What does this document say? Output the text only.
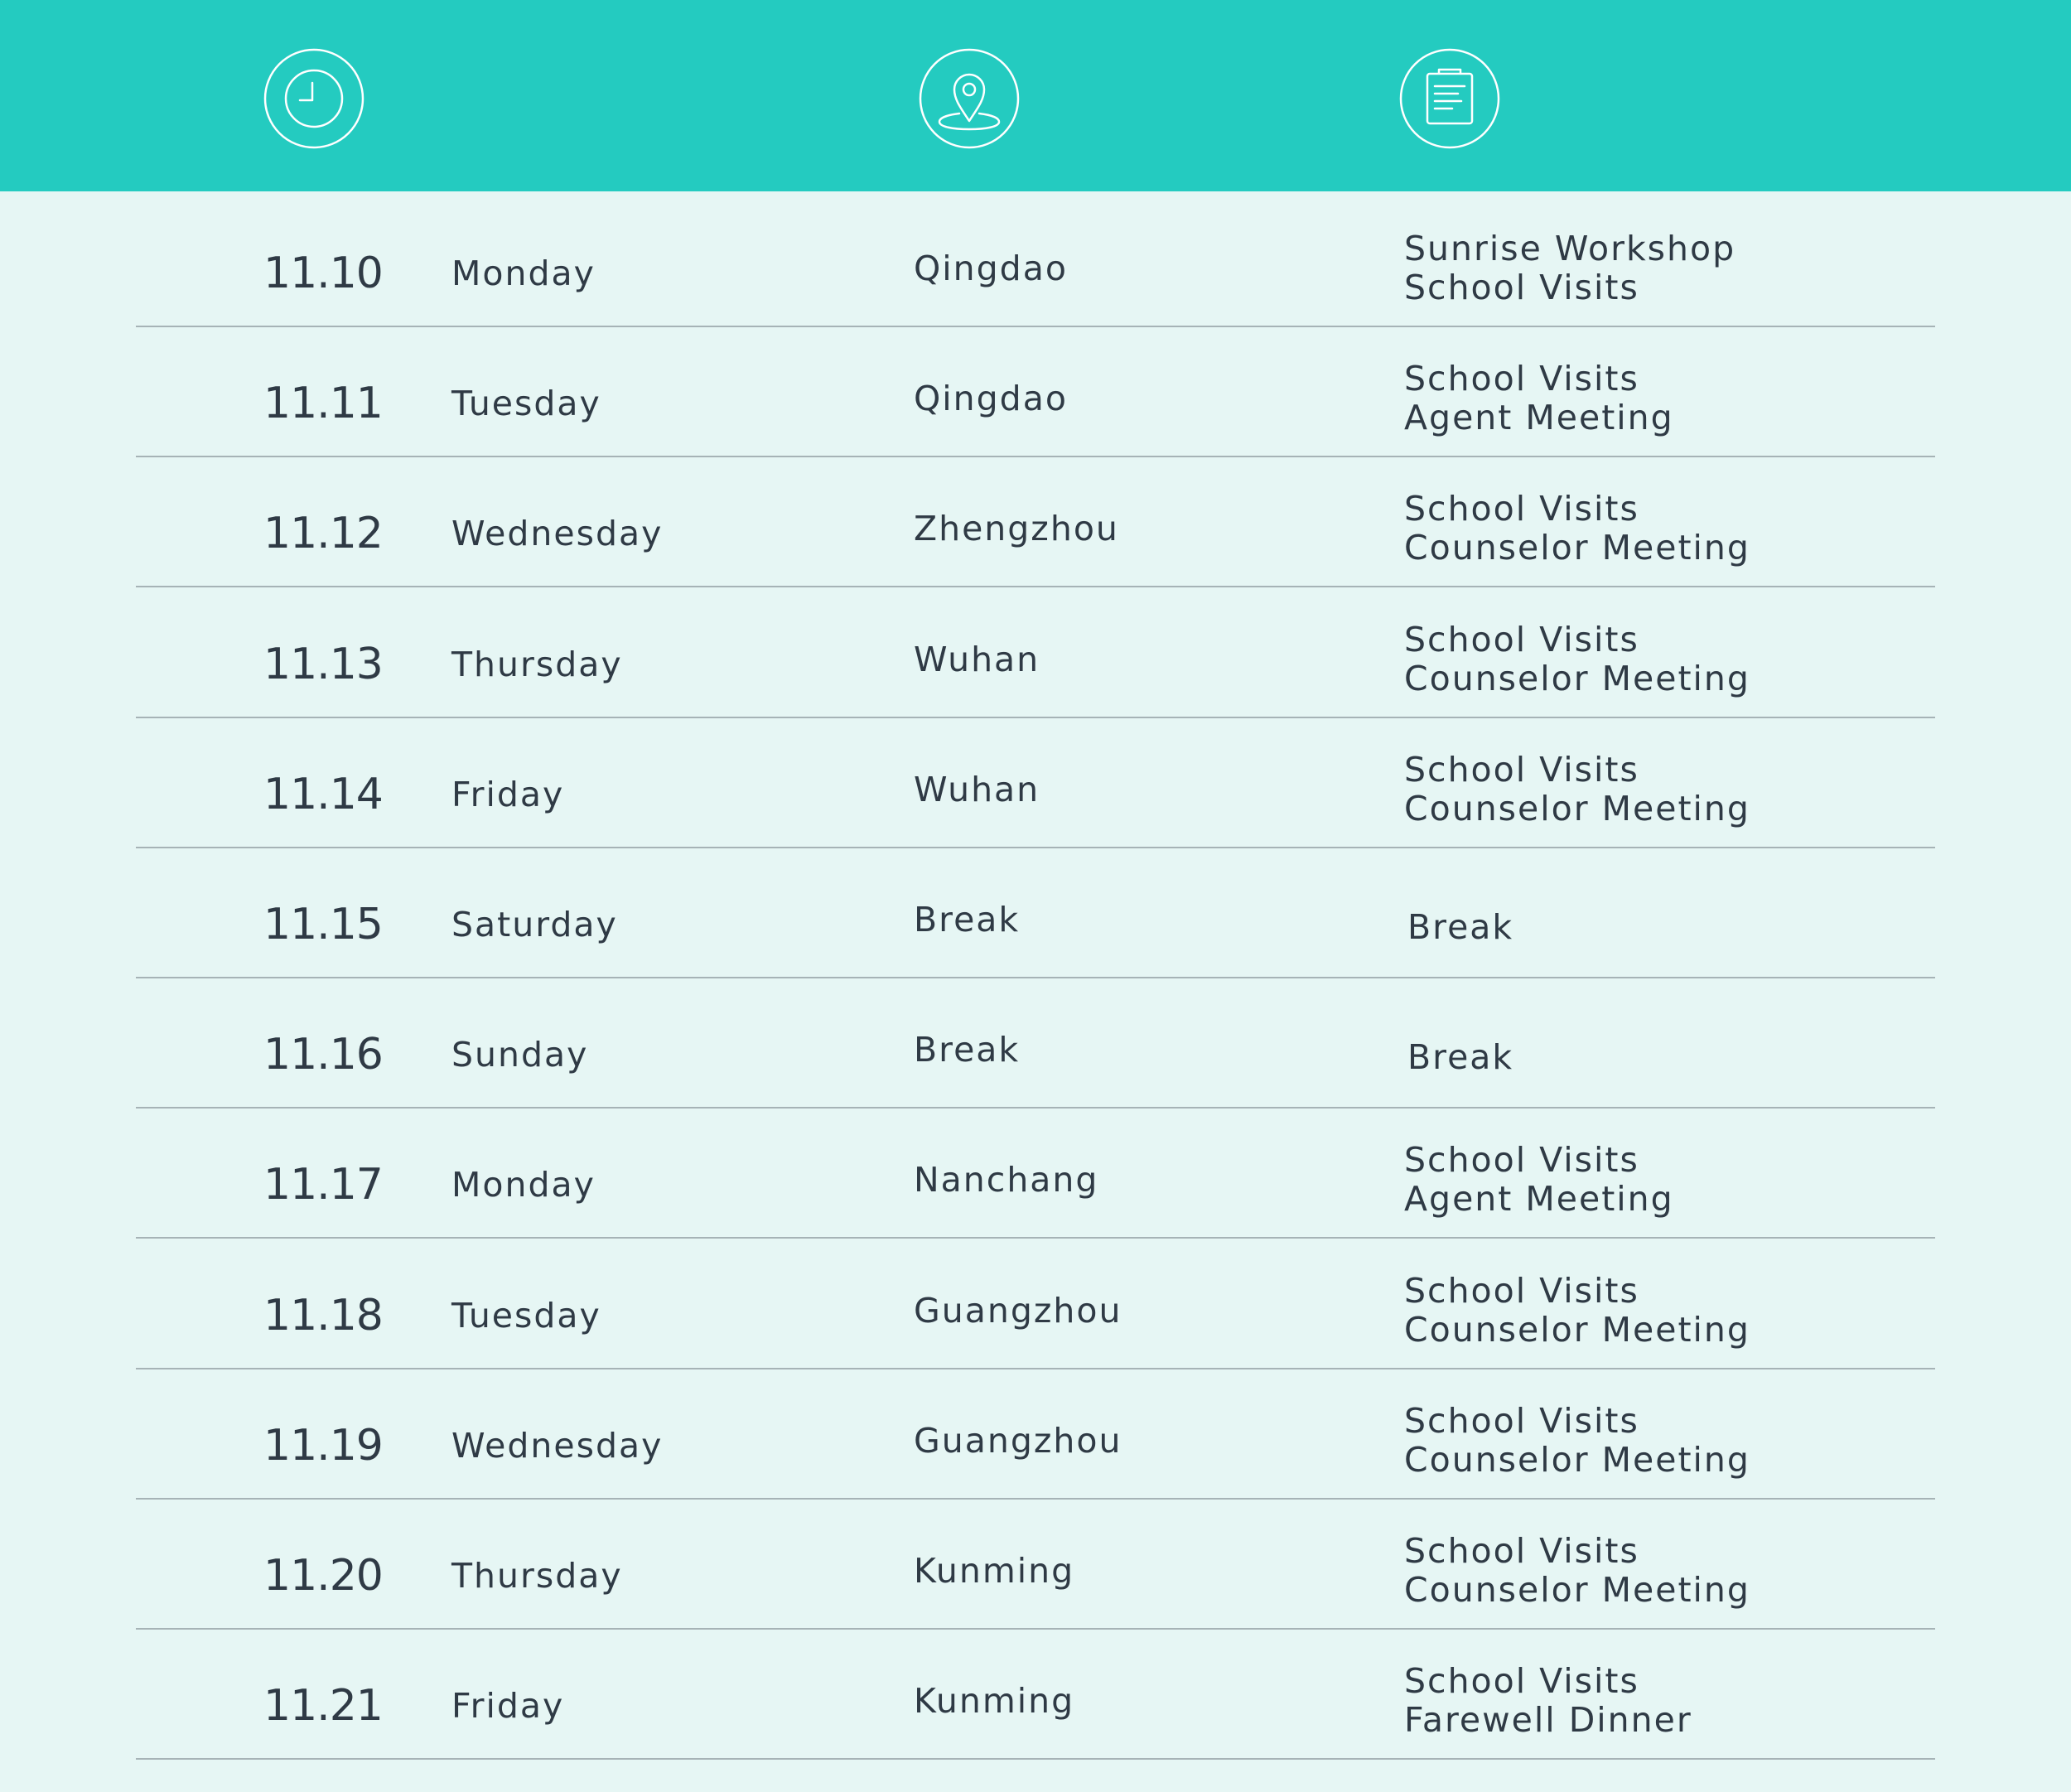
11.10 Monday	Qingdao	Sunrise Workshop
School Visits
11.11 Tuesday	Qingdao	School Visits
Agent Meeting
11.12 Wednesday	Zhengzhou	School Visits
Counselor Meeting
11.13 Thursday	Wuhan	School Visits
Counselor Meeting
11.14 Friday	Wuhan	School Visits
Counselor Meeting
11.15 Saturday	Break	Break
11.16 Sunday	Break	Break
11.17 Monday	Nanchang	School Visits
Agent Meeting
11.18 Tuesday	Guangzhou	School Visits
Counselor Meeting
11.19 Wednesday	Guangzhou	School Visits
Counselor Meeting
11.20 Thursday	Kunming	School Visits
Counselor Meeting
11.21 Friday	Kunming	School Visits
Farewell Dinner
